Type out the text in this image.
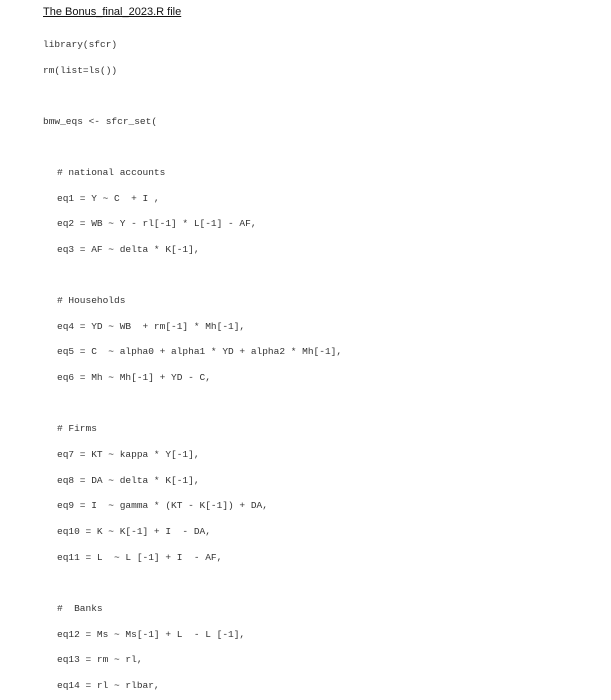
The Bonus_final_2023.R file
library(sfcr)
rm(list=ls())
bmw_eqs <- sfcr_set(
# national accounts
eq1 = Y ~ C  + I ,
eq2 = WB ~ Y - rl[-1] * L[-1] - AF,
eq3 = AF ~ delta * K[-1],
# Households
eq4 = YD ~ WB  + rm[-1] * Mh[-1],
eq5 = C  ~ alpha0 + alpha1 * YD + alpha2 * Mh[-1],
eq6 = Mh ~ Mh[-1] + YD - C,
# Firms
eq7 = KT ~ kappa * Y[-1],
eq8 = DA ~ delta * K[-1],
eq9 = I  ~ gamma * (KT - K[-1]) + DA,
eq10 = K ~ K[-1] + I  - DA,
eq11 = L  ~ L [-1] + I  - AF,
#  Banks
eq12 = Ms ~ Ms[-1] + L  - L [-1],
eq13 = rm ~ rl,
eq14 = rl ~ rlbar,
